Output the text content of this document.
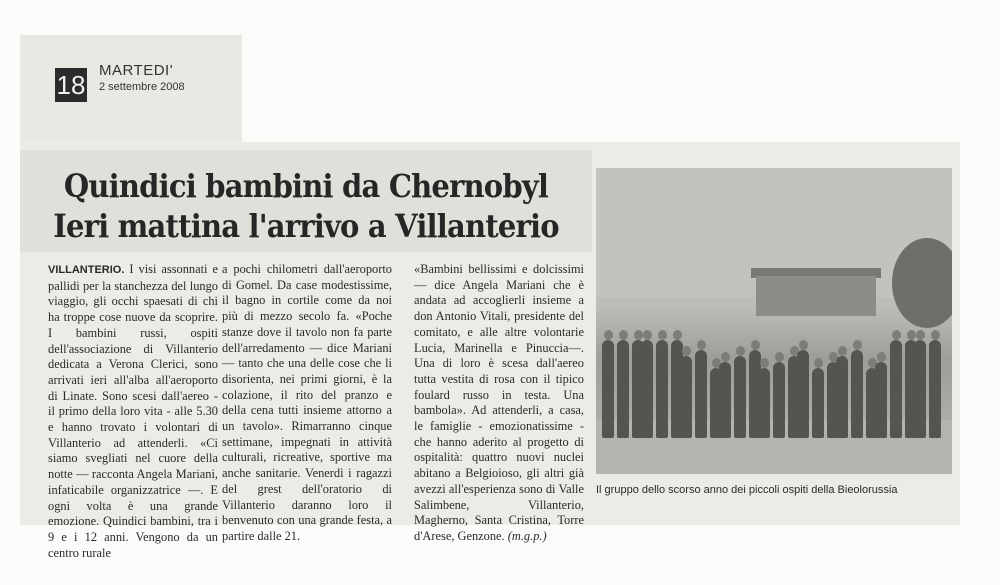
18 MARTEDI'
2 settembre 2008
Quindici bambini da Chernobyl
Ieri mattina l'arrivo a Villanterio
VILLANTERIO. I visi assonnati e pallidi per la stanchezza del lungo viaggio, gli occhi spaesati di chi ha troppe cose nuove da scoprire. I bambini russi, ospiti dell'associazione di Villanterio dedicata a Verona Clerici, sono arrivati ieri all'alba all'aeroporto di Linate. Sono scesi dall'aereo - il primo della loro vita - alle 5.30 e hanno trovato i volontari di Villanterio ad attenderli. «Ci siamo svegliati nel cuore della notte — racconta Angela Mariani, infaticabile organizzatrice —. E ogni volta è una grande emozione. Quindici bambini, tra i 9 e i 12 anni. Vengono da un centro rurale
a pochi chilometri dall'aeroporto di Gomel. Da case modestissime, il bagno in cortile come da noi più di mezzo secolo fa. «Poche stanze dove il tavolo non fa parte dell'arredamento — dice Mariani — tanto che una delle cose che li disorienta, nei primi giorni, è la colazione, il rito del pranzo e della cena tutti insieme attorno a un tavolo». Rimarranno cinque settimane, impegnati in attività culturali, ricreative, sportive ma anche sanitarie. Venerdì i ragazzi del grest dell'oratorio di Villanterio daranno loro il benvenuto con una grande festa, a partire dalle 21.
«Bambini bellissimi e dolcissimi — dice Angela Mariani che è andata ad accoglierli insieme a don Antonio Vitali, presidente del comitato, e alle altre volontarie Lucia, Marinella e Pinuccia—. Una di loro è scesa dall'aereo tutta vestita di rosa con il tipico foulard russo in testa. Una bambola». Ad attenderli, a casa, le famiglie - emozionatissime - che hanno aderito al progetto di ospitalità: quattro nuovi nuclei abitano a Belgioioso, gli altri già avezzi all'esperienza sono di Valle Salimbene, Villanterio, Magherno, Santa Cristina, Torre d'Arese, Genzone. (m.g.p.)
Il gruppo dello scorso anno dei piccoli ospiti della Bieolorussia
